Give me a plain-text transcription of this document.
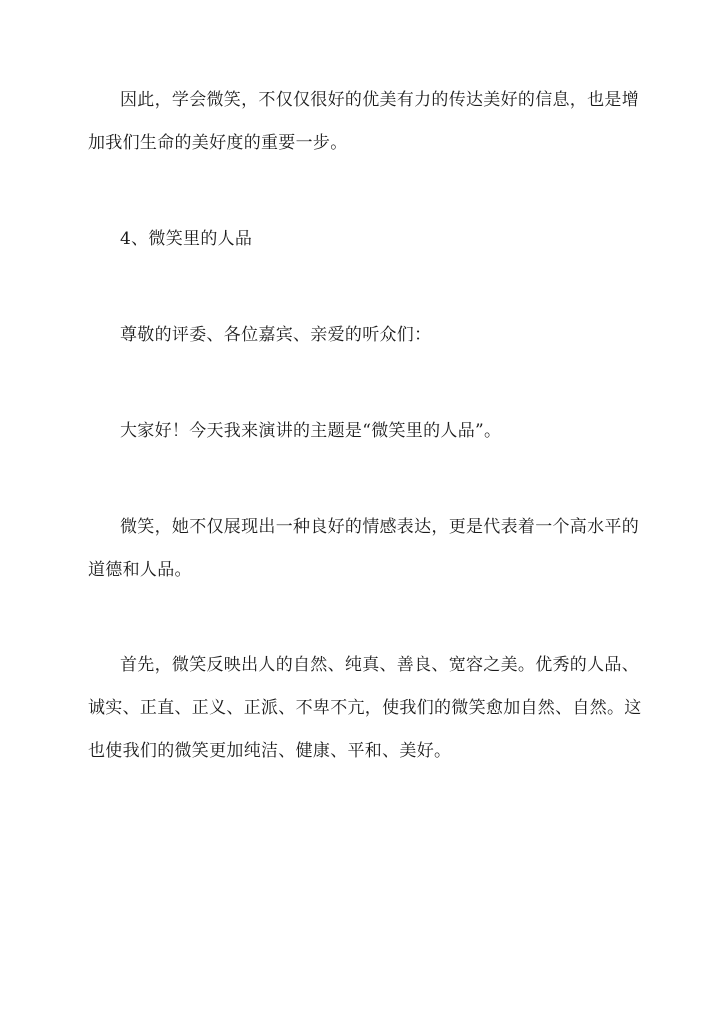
因此，学会微笑，不仅仅很好的优美有力的传达美好的信息，也是增
加我们生命的美好度的重要一步。
4、微笑里的人品
尊敬的评委、各位嘉宾、亲爱的听众们：
大家好！今天我来演讲的主题是“微笑里的人品”。
微笑，她不仅展现出一种良好的情感表达，更是代表着一个高水平的
道德和人品。
首先，微笑反映出人的自然、纯真、善良、宽容之美。优秀的人品、
诚实、正直、正义、正派、不卑不亢，使我们的微笑愈加自然、自然。这
也使我们的微笑更加纯洁、健康、平和、美好。
